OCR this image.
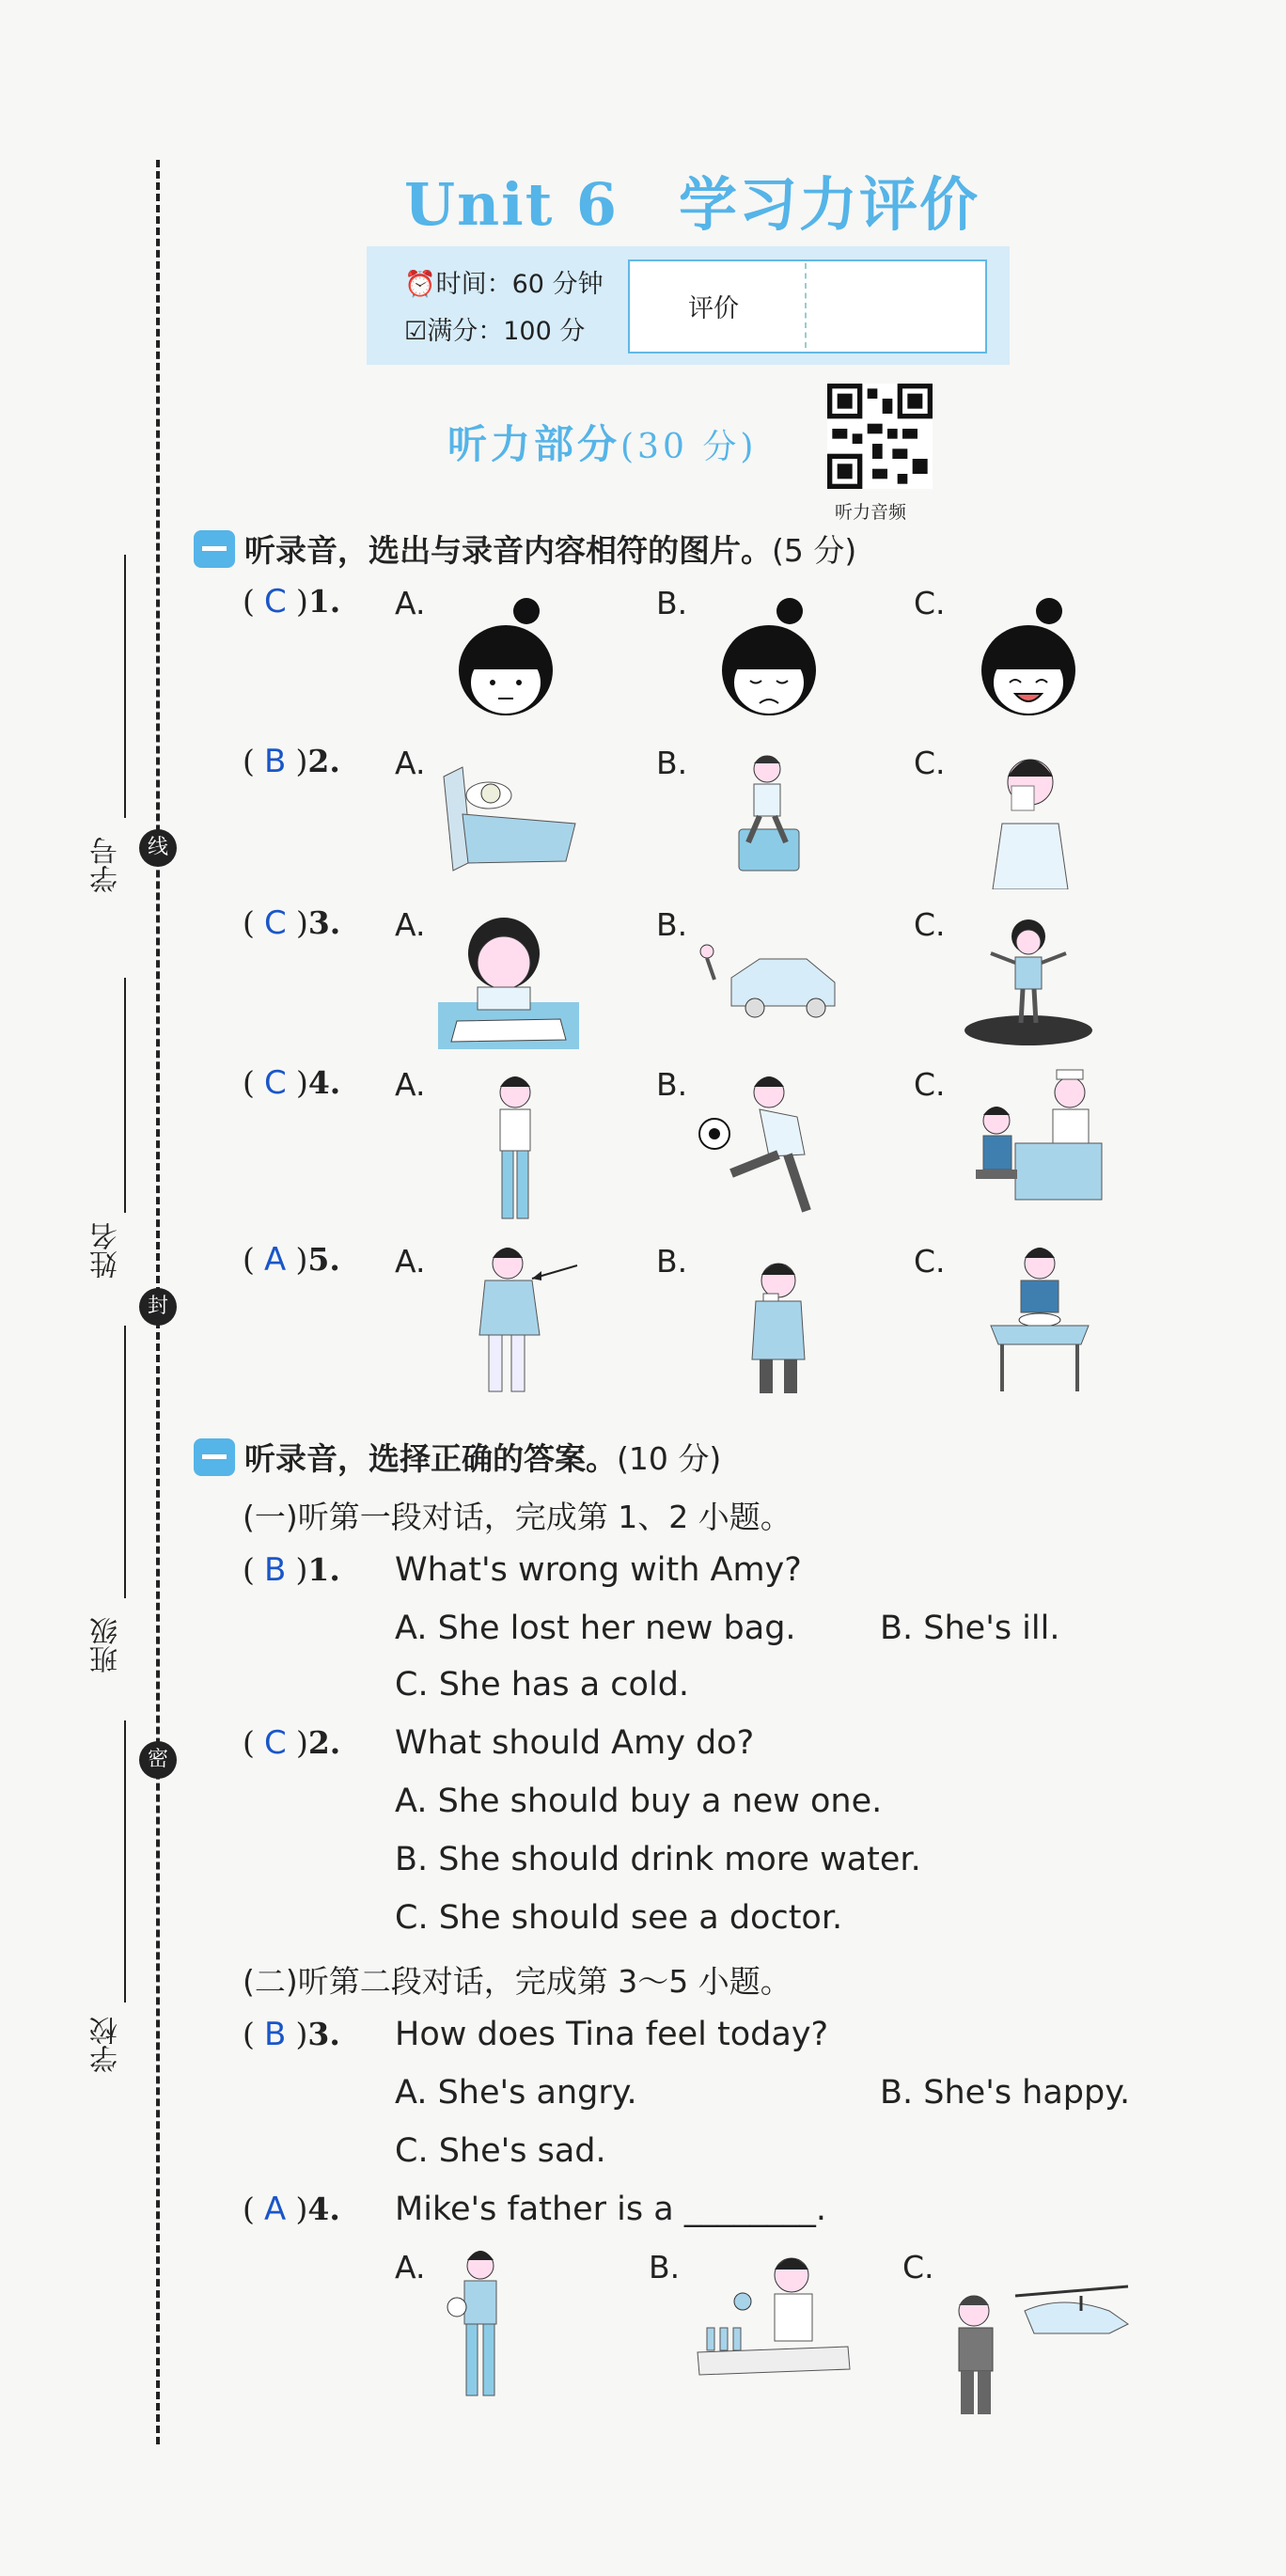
学号
姓名
班级
学校
线
封
密
Unit 6　学习力评价
⏰时间：60 分钟
☑满分：100 分
评价
听力部分(30 分)
听力音频
听录音，选出与录音内容相符的图片。(5 分)
( C )1. A.	B.	C.
( B )2. A.	B.	C.
( C )3. A.	B.	C.
( C )4. A.	B.	C.
( A )5. A.	B.	C.
听录音，选择正确的答案。(10 分)
(一)听第一段对话，完成第 1、2 小题。
( B )1. What's wrong with Amy?
A. She lost her new bag.	B. She's ill.
C. She has a cold.
( C )2. What should Amy do?
A. She should buy a new one.
B. She should drink more water.
C. She should see a doctor.
(二)听第二段对话，完成第 3～5 小题。
( B )3. How does Tina feel today?
A. She's angry.	B. She's happy.
C. She's sad.
( A )4. Mike's father is a ________.
A.	B.	C.
